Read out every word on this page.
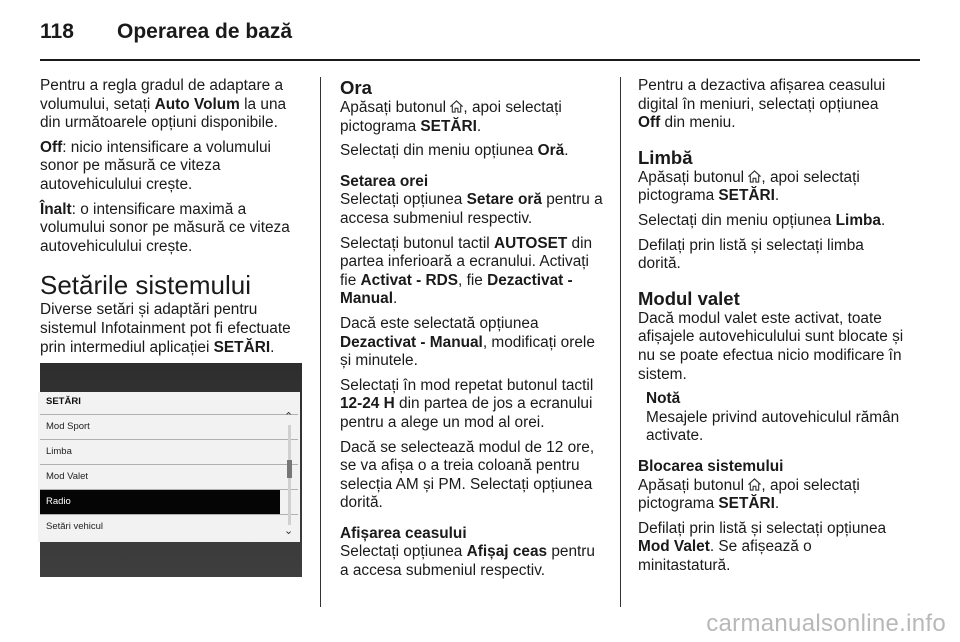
118	Operarea de bază

Pentru a regla gradul de adaptare a volumului, setați Auto Volum la una din următoarele opțiuni disponibile.

Off: nicio intensificare a volumului sonor pe măsură ce viteza autovehiculului crește.

Înalt: o intensificare maximă a volumului sonor pe măsură ce viteza autovehiculului crește.

Setările sistemului

Diverse setări și adaptări pentru sistemul Infotainment pot fi efectuate prin intermediul aplicației SETĂRI.

SETĂRI
Mod Sport
Limba
Mod Valet
Radio
Setări vehicul
⌃
⌄
Ora

Apăsați butonul , apoi selectați pictograma SETĂRI.

Selectați din meniu opțiunea Oră.

Setarea orei

Selectați opțiunea Setare oră pentru a accesa submeniul respectiv.

Selectați butonul tactil AUTOSET din partea inferioară a ecranului. Activați fie Activat - RDS, fie Dezactivat - Manual.

Dacă este selectată opțiunea Dezactivat - Manual, modificați orele și minutele.

Selectați în mod repetat butonul tactil 12-24 H din partea de jos a ecranului pentru a alege un mod al orei.

Dacă se selectează modul de 12 ore, se va afișa o a treia coloană pentru selecția AM și PM. Selectați opțiunea dorită.

Afișarea ceasului

Selectați opțiunea Afișaj ceas pentru a accesa submeniul respectiv.

Pentru a dezactiva afișarea ceasului digital în meniuri, selectați opțiunea Off din meniu.

Limbă

Apăsați butonul , apoi selectați pictograma SETĂRI.

Selectați din meniu opțiunea Limba.

Defilați prin listă și selectați limba dorită.

Modul valet

Dacă modul valet este activat, toate afișajele autovehiculului sunt blocate și nu se poate efectua nicio modificare în sistem.

Notă

Mesajele privind autovehiculul rămân activate.

Blocarea sistemului

Apăsați butonul , apoi selectați pictograma SETĂRI.

Defilați prin listă și selectați opțiunea Mod Valet. Se afișează o minitastatură.

carmanualsonline.info
